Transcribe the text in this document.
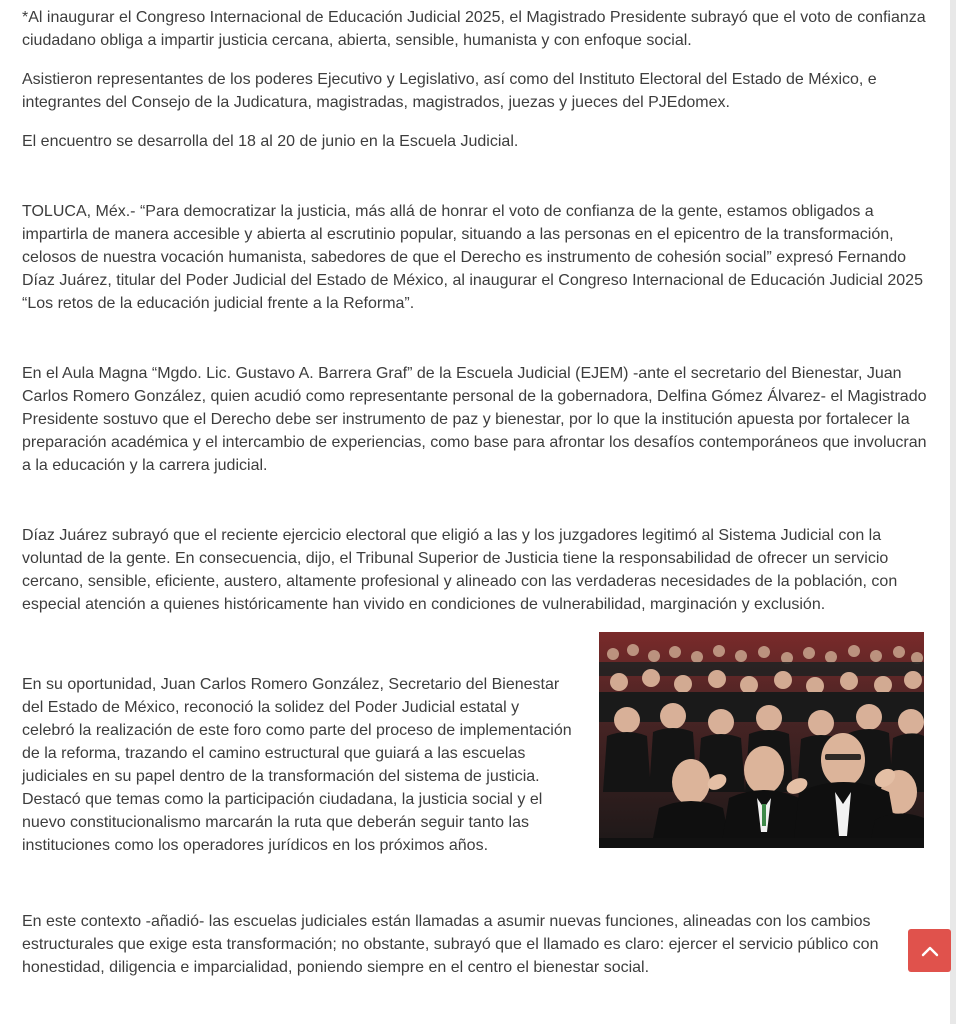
*Al inaugurar el Congreso Internacional de Educación Judicial 2025, el Magistrado Presidente subrayó que el voto de confianza ciudadano obliga a impartir justicia cercana, abierta, sensible, humanista y con enfoque social.

Asistieron representantes de los poderes Ejecutivo y Legislativo, así como del Instituto Electoral del Estado de México, e integrantes del Consejo de la Judicatura, magistradas, magistrados, juezas y jueces del PJEdomex.

El encuentro se desarrolla del 18 al 20 de junio en la Escuela Judicial.

TOLUCA, Méx.- “Para democratizar la justicia, más allá de honrar el voto de confianza de la gente, estamos obligados a impartirla de manera accesible y abierta al escrutinio popular, situando a las personas en el epicentro de la transformación, celosos de nuestra vocación humanista, sabedores de que el Derecho es instrumento de cohesión social” expresó Fernando Díaz Juárez, titular del Poder Judicial del Estado de México, al inaugurar el Congreso Internacional de Educación Judicial 2025 “Los retos de la educación judicial frente a la Reforma”.

En el Aula Magna “Mgdo. Lic. Gustavo A. Barrera Graf” de la Escuela Judicial (EJEM) -ante el secretario del Bienestar, Juan Carlos Romero González, quien acudió como representante personal de la gobernadora, Delfina Gómez Álvarez- el Magistrado Presidente sostuvo que el Derecho debe ser instrumento de paz y bienestar, por lo que la institución apuesta por fortalecer la preparación académica y el intercambio de experiencias, como base para afrontar los desafíos contemporáneos que involucran a la educación y la carrera judicial.

Díaz Juárez subrayó que el reciente ejercicio electoral que eligió a las y los juzgadores legitimó al Sistema Judicial con la voluntad de la gente. En consecuencia, dijo, el Tribunal Superior de Justicia tiene la responsabilidad de ofrecer un servicio cercano, sensible, eficiente, austero, altamente profesional y alineado con las verdaderas necesidades de la población, con especial atención a quienes históricamente han vivido en condiciones de vulnerabilidad, marginación y exclusión.

En su oportunidad, Juan Carlos Romero González, Secretario del Bienestar del Estado de México, reconoció la solidez del Poder Judicial estatal y celebró la realización de este foro como parte del proceso de implementación de la reforma, trazando el camino estructural que guiará a las escuelas judiciales en su papel dentro de la transformación del sistema de justicia. Destacó que temas como la participación ciudadana, la justicia social y el nuevo constitucionalismo marcarán la ruta que deberán seguir tanto las instituciones como los operadores jurídicos en los próximos años.

En este contexto -añadió- las escuelas judiciales están llamadas a asumir nuevas funciones, alineadas con los cambios estructurales que exige esta transformación; no obstante, subrayó que el llamado es claro: ejercer el servicio público con honestidad, diligencia e imparcialidad, poniendo siempre en el centro el bienestar social.
